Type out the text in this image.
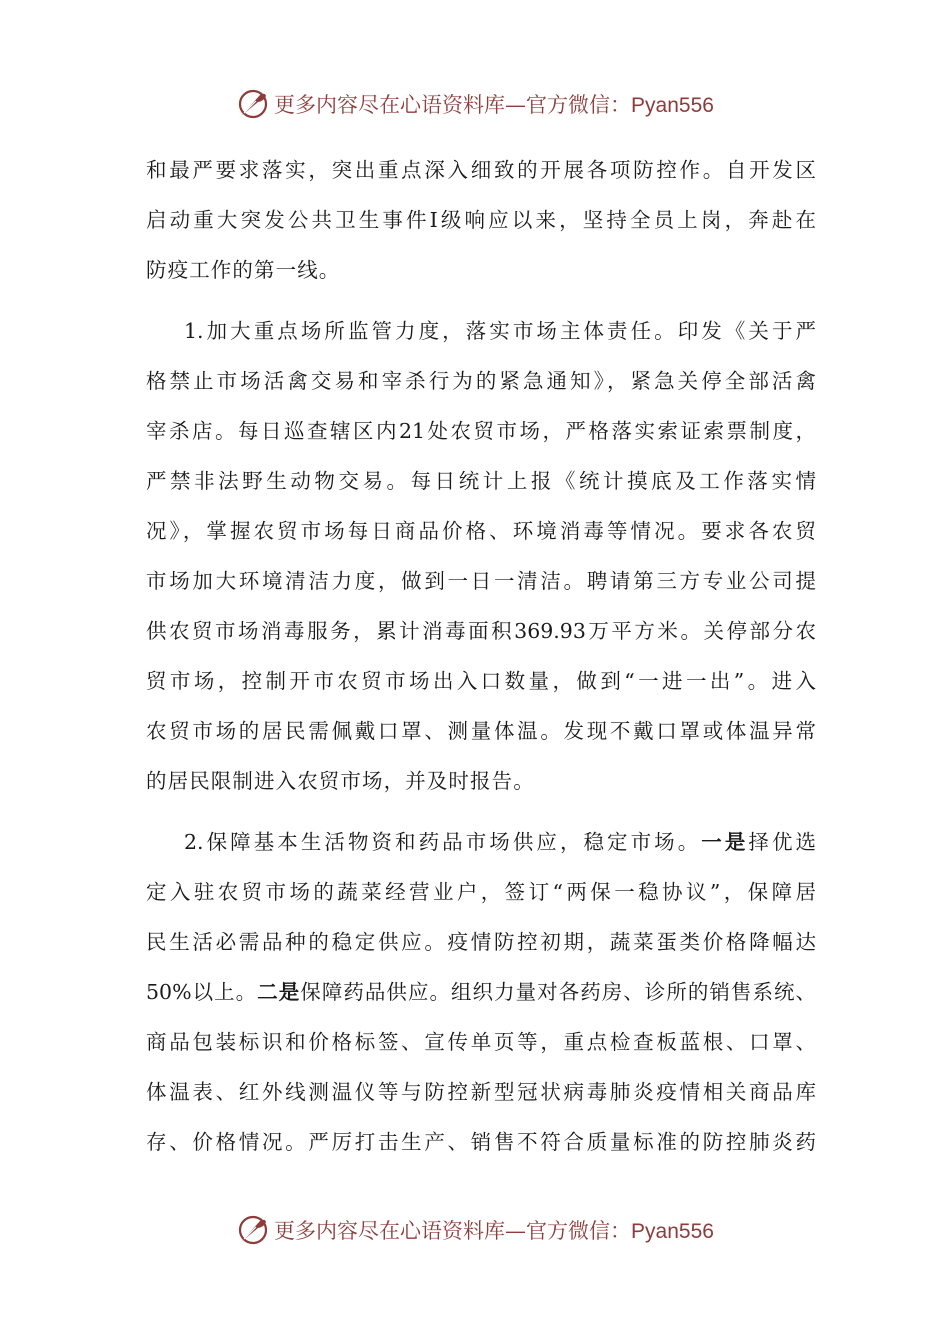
更多内容尽在心语资料库—官方微信：Pyan556
和最严要求落实，突出重点深入细致的开展各项防控作。自开发区
启动重大突发公共卫生事件Ⅰ级响应以来，坚持全员上岗，奔赴在
防疫工作的第一线。
1.加大重点场所监管力度，落实市场主体责任。印发《关于严
格禁止市场活禽交易和宰杀行为的紧急通知》，紧急关停全部活禽
宰杀店。每日巡查辖区内21处农贸市场，严格落实索证索票制度，
严禁非法野生动物交易。每日统计上报《统计摸底及工作落实情
况》，掌握农贸市场每日商品价格、环境消毒等情况。要求各农贸
市场加大环境清洁力度，做到一日一清洁。聘请第三方专业公司提
供农贸市场消毒服务，累计消毒面积369.93万平方米。关停部分农
贸市场，控制开市农贸市场出入口数量，做到“一进一出”。进入
农贸市场的居民需佩戴口罩、测量体温。发现不戴口罩或体温异常
的居民限制进入农贸市场，并及时报告。
2.保障基本生活物资和药品市场供应，稳定市场。一是择优选
定入驻农贸市场的蔬菜经营业户，签订“两保一稳协议”，保障居
民生活必需品种的稳定供应。疫情防控初期，蔬菜蛋类价格降幅达
50%以上。二是保障药品供应。组织力量对各药房、诊所的销售系统、
商品包装标识和价格标签、宣传单页等，重点检查板蓝根、口罩、
体温表、红外线测温仪等与防控新型冠状病毒肺炎疫情相关商品库
存、价格情况。严厉打击生产、销售不符合质量标准的防控肺炎药
更多内容尽在心语资料库—官方微信：Pyan556
